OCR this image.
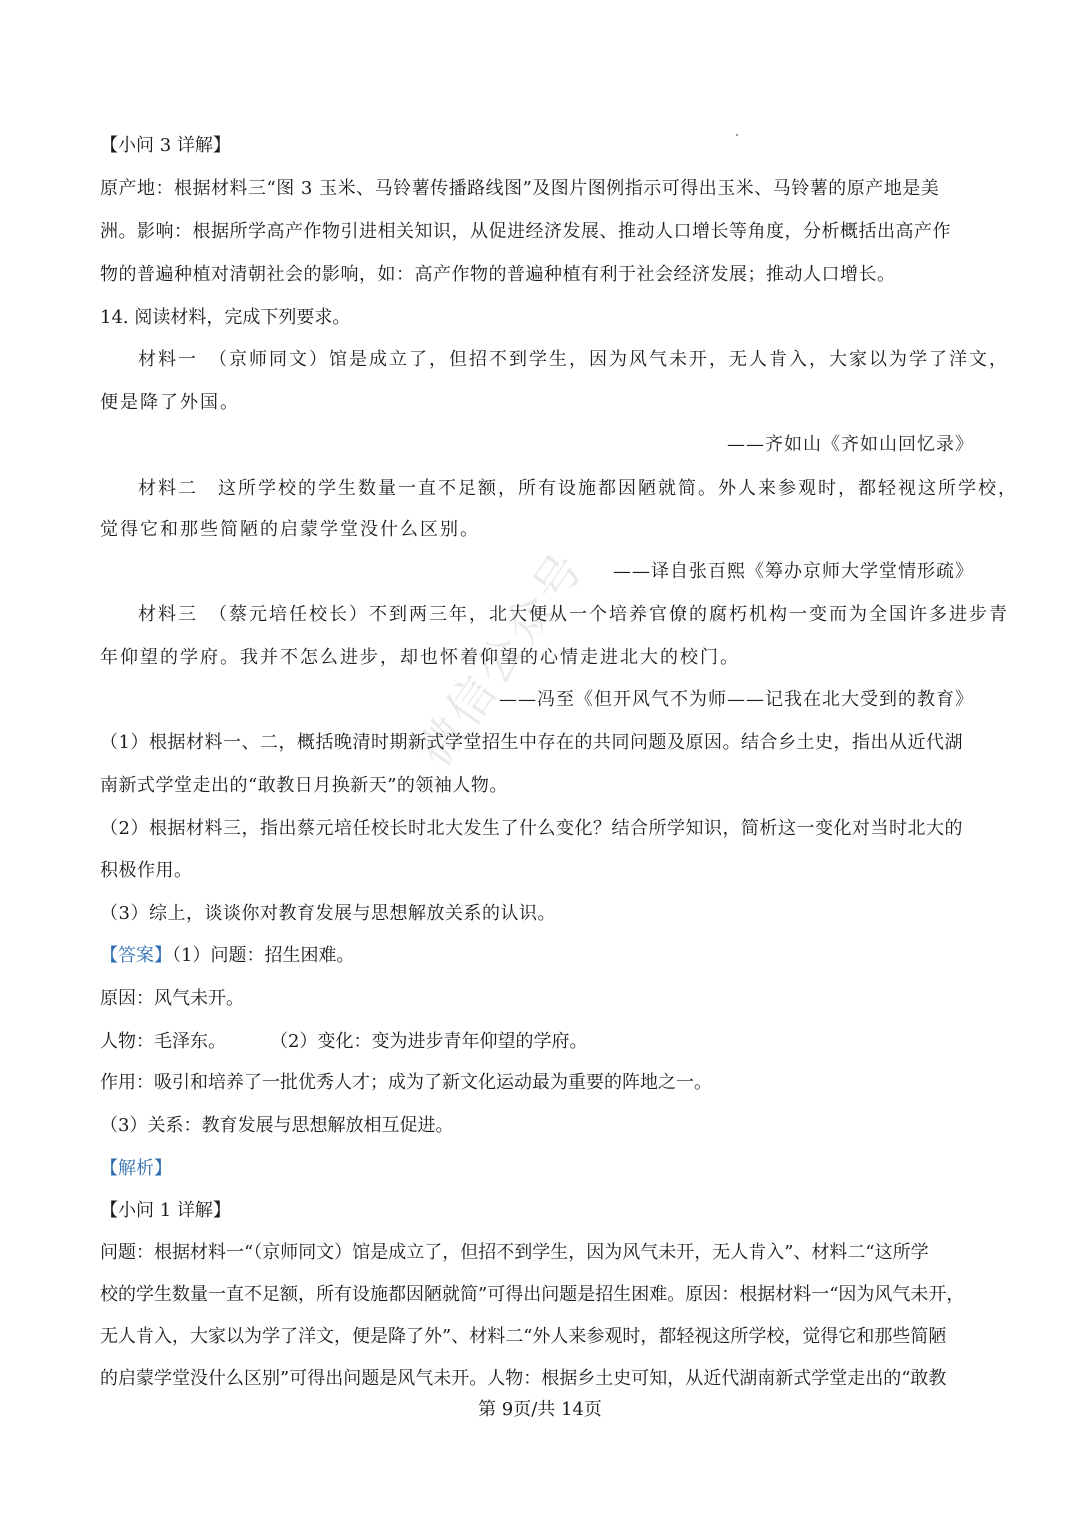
微信公众号
【小问 3 详解】
原产地：根据材料三“图 3 玉米、马铃薯传播路线图”及图片图例指示可得出玉米、马铃薯的原产地是美
洲。影响：根据所学高产作物引进相关知识，从促进经济发展、推动人口增长等角度，分析概括出高产作
物的普遍种植对清朝社会的影响，如：高产作物的普遍种植有利于社会经济发展；推动人口增长。
14. 阅读材料，完成下列要求。
材料一　（京师同文）馆是成立了，但招不到学生，因为风气未开，无人肯入，大家以为学了洋文，
便是降了外国。
——齐如山《齐如山回忆录》
材料二　这所学校的学生数量一直不足额，所有设施都因陋就简。外人来参观时，都轻视这所学校，
觉得它和那些简陋的启蒙学堂没什么区别。
——译自张百熙《筹办京师大学堂情形疏》
材料三　（蔡元培任校长）不到两三年，北大便从一个培养官僚的腐朽机构一变而为全国许多进步青
年仰望的学府。我并不怎么进步，却也怀着仰望的心情走进北大的校门。
——冯至《但开风气不为师——记我在北大受到的教育》
（1）根据材料一、二，概括晚清时期新式学堂招生中存在的共同问题及原因。结合乡土史，指出从近代湖
南新式学堂走出的“敢教日月换新天”的领袖人物。
（2）根据材料三，指出蔡元培任校长时北大发生了什么变化？结合所学知识，简析这一变化对当时北大的
积极作用。
（3）综上，谈谈你对教育发展与思想解放关系的认识。
【答案】（1）问题：招生困难。
原因：风气未开。
人物：毛泽东。 （2）变化：变为进步青年仰望的学府。
作用：吸引和培养了一批优秀人才；成为了新文化运动最为重要的阵地之一。
（3）关系：教育发展与思想解放相互促进。
【解析】
【小问 1 详解】
问题：根据材料一“（京师同文）馆是成立了，但招不到学生，因为风气未开，无人肯入”、材料二“这所学
校的学生数量一直不足额，所有设施都因陋就简”可得出问题是招生困难。原因：根据材料一“因为风气未开，
无人肯入，大家以为学了洋文，便是降了外”、材料二“外人来参观时，都轻视这所学校，觉得它和那些简陋
的启蒙学堂没什么区别”可得出问题是风气未开。人物：根据乡土史可知，从近代湖南新式学堂走出的“敢教
第 9页/共 14页
